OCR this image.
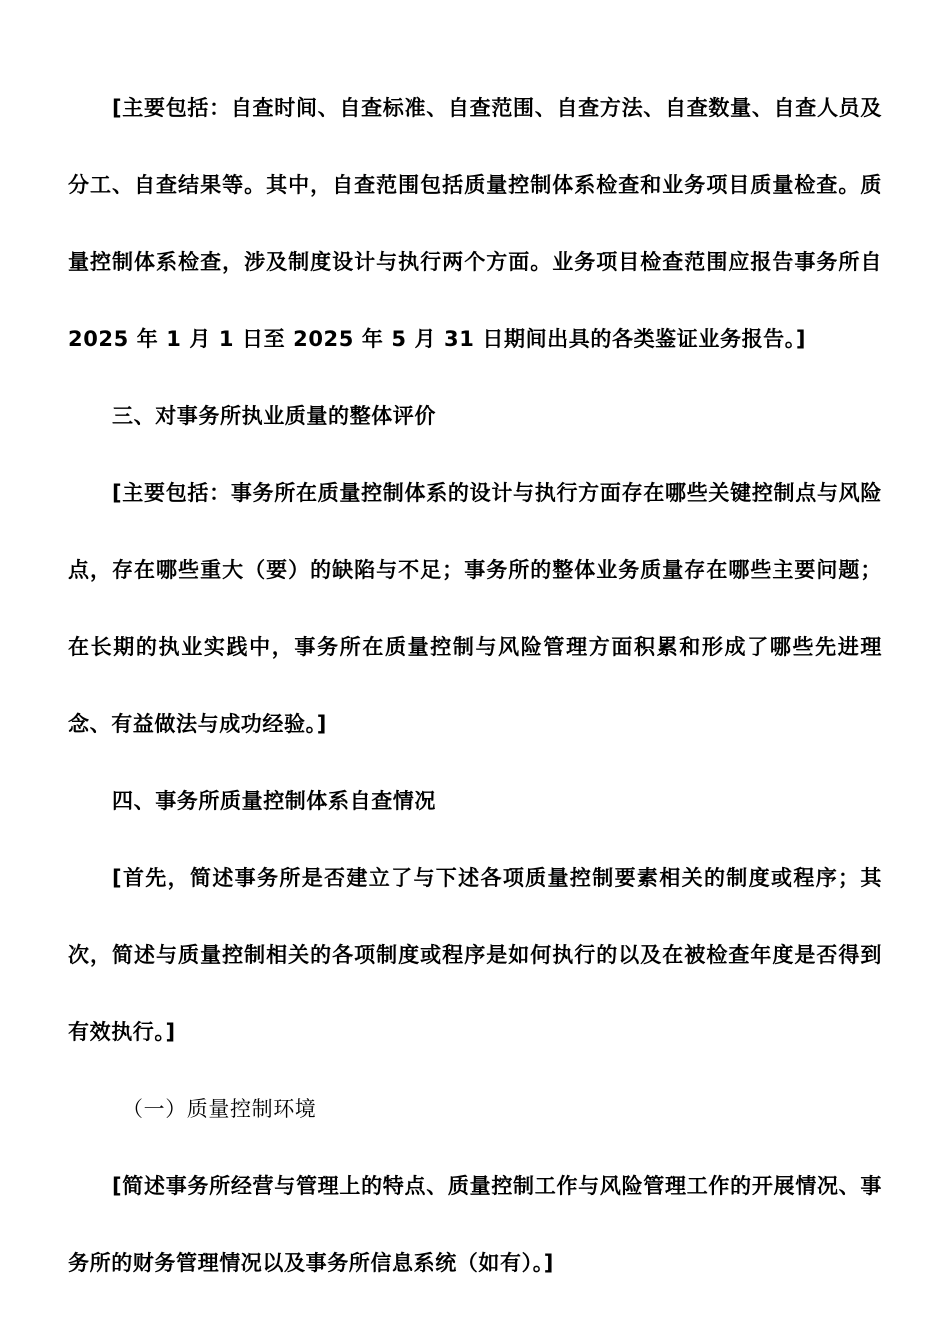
[主要包括：自查时间、自查标准、自查范围、自查方法、自查数量、自查人员及分工、自查结果等。其中，自查范围包括质量控制体系检查和业务项目质量检查。质量控制体系检查，涉及制度设计与执行两个方面。业务项目检查范围应报告事务所自 2025 年 1 月 1 日至 2025 年 5 月 31 日期间出具的各类鉴证业务报告。]

三、对事务所执业质量的整体评价

[主要包括：事务所在质量控制体系的设计与执行方面存在哪些关键控制点与风险点，存在哪些重大（要）的缺陷与不足；事务所的整体业务质量存在哪些主要问题；在长期的执业实践中，事务所在质量控制与风险管理方面积累和形成了哪些先进理念、有益做法与成功经验。]

四、事务所质量控制体系自查情况

[首先，简述事务所是否建立了与下述各项质量控制要素相关的制度或程序；其次，简述与质量控制相关的各项制度或程序是如何执行的以及在被检查年度是否得到有效执行。]

（一）质量控制环境

[简述事务所经营与管理上的特点、质量控制工作与风险管理工作的开展情况、事务所的财务管理情况以及事务所信息系统（如有）。]
